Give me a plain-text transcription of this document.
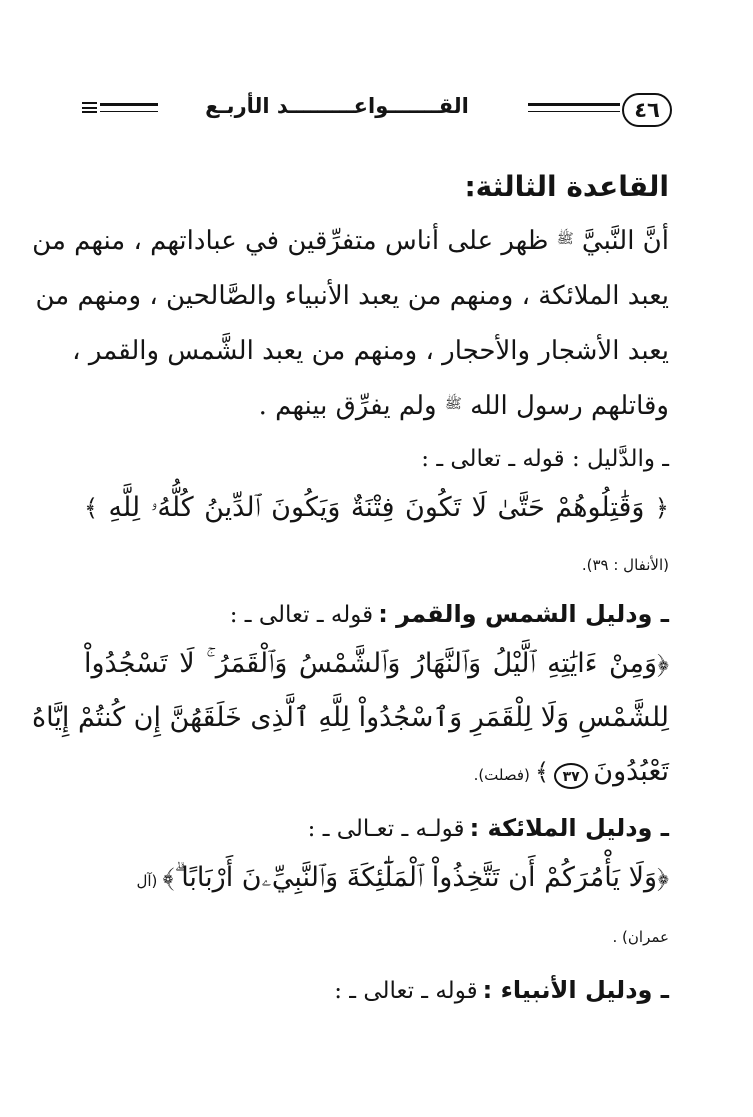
٤٦
القـــــــواعـــــــــد الأربـع
القاعدة الثالثة:
أنَّ النَّبيَّ $^ﷺ$ ظهر على أناس متفرِّقين في عباداتهم ، منهم من
يعبد الملائكة ، ومنهم من يعبد الأنبياء والصَّالحين ، ومنهم من
يعبد الأشجار والأحجار ، ومنهم من يعبد الشَّمس والقمر ،
وقاتلهم رسول الله $^ﷺ$ ولم يفرِّق بينهم .
ـ والدَّليل : قوله ـ تعالى ـ :
﴿ وَقَٰتِلُوهُمْ حَتَّىٰ لَا تَكُونَ فِتْنَةٌ وَيَكُونَ ٱلدِّينُ كُلُّهُۥ لِلَّهِ ﴾
(الأنفال : ٣٩).
ـ ودليل الشمس والقمر : قوله ـ تعالى ـ :
﴿وَمِنْ ءَايَٰتِهِ ٱلَّيْلُ وَٱلنَّهَارُ وَٱلشَّمْسُ وَٱلْقَمَرُ ۚ لَا تَسْجُدُواْ
لِلشَّمْسِ وَلَا لِلْقَمَرِ وَٱسْجُدُواْ لِلَّهِ ٱلَّذِى خَلَقَهُنَّ إِن كُنتُمْ إِيَّاهُ
تَعْبُدُونَ ٣٧ ﴾ (فصلت).
ـ ودليل الملائكة : قولـه ـ تعـالى ـ :
﴿وَلَا يَأْمُرَكُمْ أَن تَتَّخِذُواْ ٱلْمَلَٰٓئِكَةَ وَٱلنَّبِيِّۦنَ أَرْبَابًا ۗ﴾ (آل
عمران) .
ـ ودليل الأنبياء : قوله ـ تعالى ـ :
